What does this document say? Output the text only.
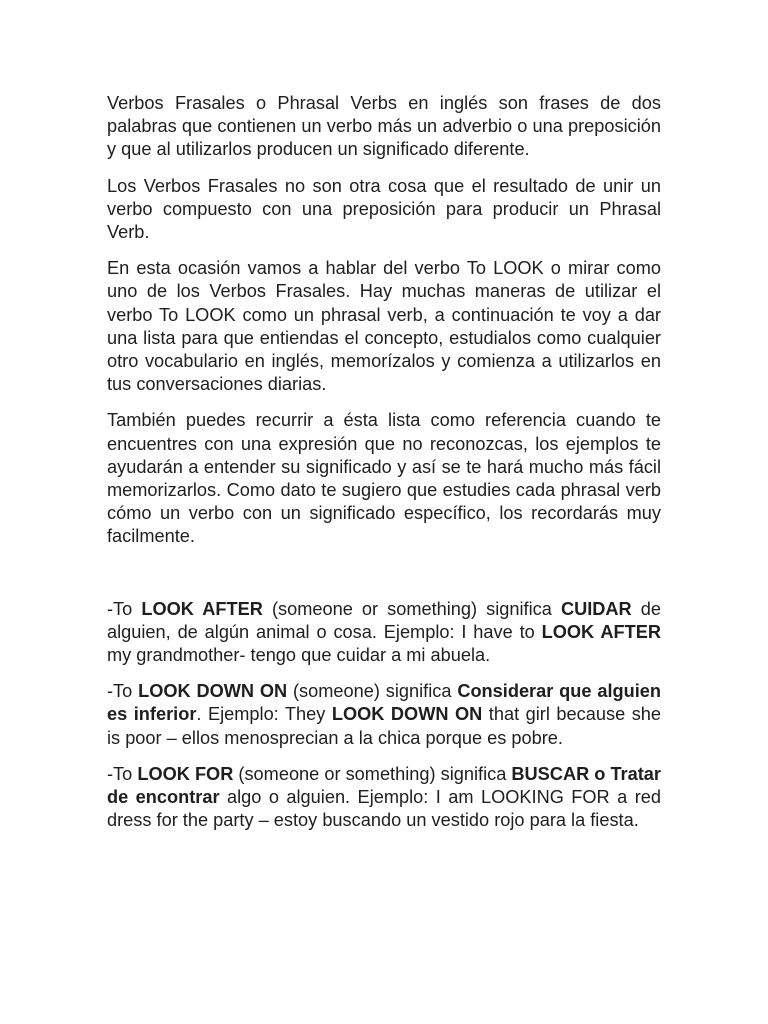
Verbos Frasales o Phrasal Verbs en inglés son frases de dos palabras que contienen un verbo más un adverbio o una preposición y que al utilizarlos producen un significado diferente.

Los Verbos Frasales no son otra cosa que el resultado de unir un verbo compuesto con una preposición para producir un Phrasal Verb.

En esta ocasión vamos a hablar del verbo To LOOK o mirar como uno de los Verbos Frasales. Hay muchas maneras de utilizar el verbo To LOOK como un phrasal verb, a continuación te voy a dar una lista para que entiendas el concepto, estudialos como cualquier otro vocabulario en inglés, memorízalos y comienza a utilizarlos en tus conversaciones diarias.

También puedes recurrir a ésta lista como referencia cuando te encuentres con una expresión que no reconozcas, los ejemplos te ayudarán a entender su significado y así se te hará mucho más fácil memorizarlos. Como dato te sugiero que estudies cada phrasal verb cómo un verbo con un significado específico, los recordarás muy facilmente.

-To LOOK AFTER (someone or something) significa CUIDAR de alguien, de algún animal o cosa. Ejemplo: I have to LOOK AFTER my grandmother- tengo que cuidar a mi abuela.

-To LOOK DOWN ON (someone) significa Considerar que alguien es inferior. Ejemplo: They LOOK DOWN ON that girl because she is poor – ellos menosprecian a la chica porque es pobre.

-To LOOK FOR (someone or something) significa BUSCAR o Tratar de encontrar algo o alguien. Ejemplo: I am LOOKING FOR a red dress for the party – estoy buscando un vestido rojo para la fiesta.
